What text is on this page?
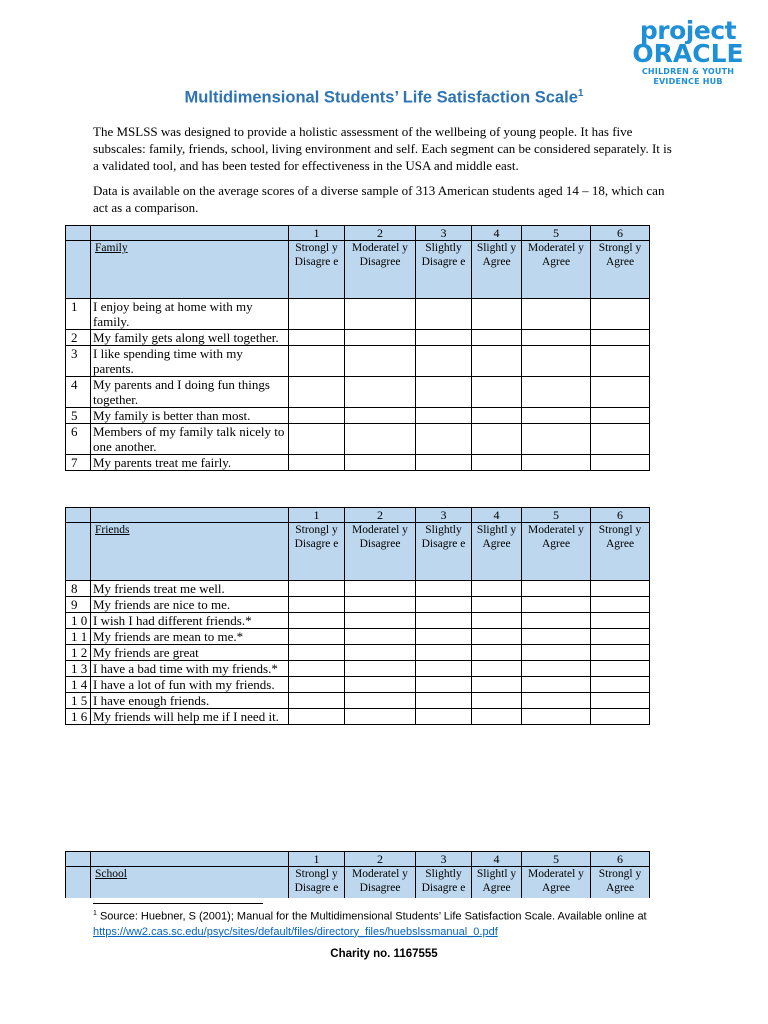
project
ORACLE
CHILDREN & YOUTH
EVIDENCE HUB
Multidimensional Students’ Life Satisfaction Scale$^1$
The MSLSS was designed to provide a holistic assessment of the wellbeing of young people. It has five subscales: family, friends, school, living environment and self. Each segment can be considered separately. It is a validated tool, and has been tested for effectiveness in the USA and middle east.
Data is available on the average scores of a diverse sample of 313 American students aged 14 – 18, which can act as a comparison.
		1	2	3	4	5	6
	Family	Strongl y Disagre e	Moderatel y Disagree	Slightly Disagre e	Slightl y Agree	Moderatel y Agree	Strongl y Agree
1	I enjoy being at home with my family.						
2	My family gets along well together.						
3	I like spending time with my parents.						
4	My parents and I doing fun things together.						
5	My family is better than most.						
6	Members of my family talk nicely to one another.						
7	My parents treat me fairly.						
		1	2	3	4	5	6
	Friends	Strongl y Disagre e	Moderatel y Disagree	Slightly Disagre e	Slightl y Agree	Moderatel y Agree	Strongl y Agree
8	My friends treat me well.						
9	My friends are nice to me.						
1 0	I wish I had different friends.*						
1 1	My friends are mean to me.*						
1 2	My friends are great						
1 3	I have a bad time with my friends.*						
1 4	I have a lot of fun with my friends.						
1 5	I have enough friends.						
1 6	My friends will help me if I need it.						
		1	2	3	4	5	6
	School	Strongl y Disagre e	Moderatel y Disagree	Slightly Disagre e	Slightl y Agree	Moderatel y Agree	Strongl y Agree
$^1$ Source: Huebner, S (2001); Manual for the Multidimensional Students’ Life Satisfaction Scale. Available online at https://ww2.cas.sc.edu/psyc/sites/default/files/directory_files/huebslssmanual_0.pdf
Charity no. 1167555
